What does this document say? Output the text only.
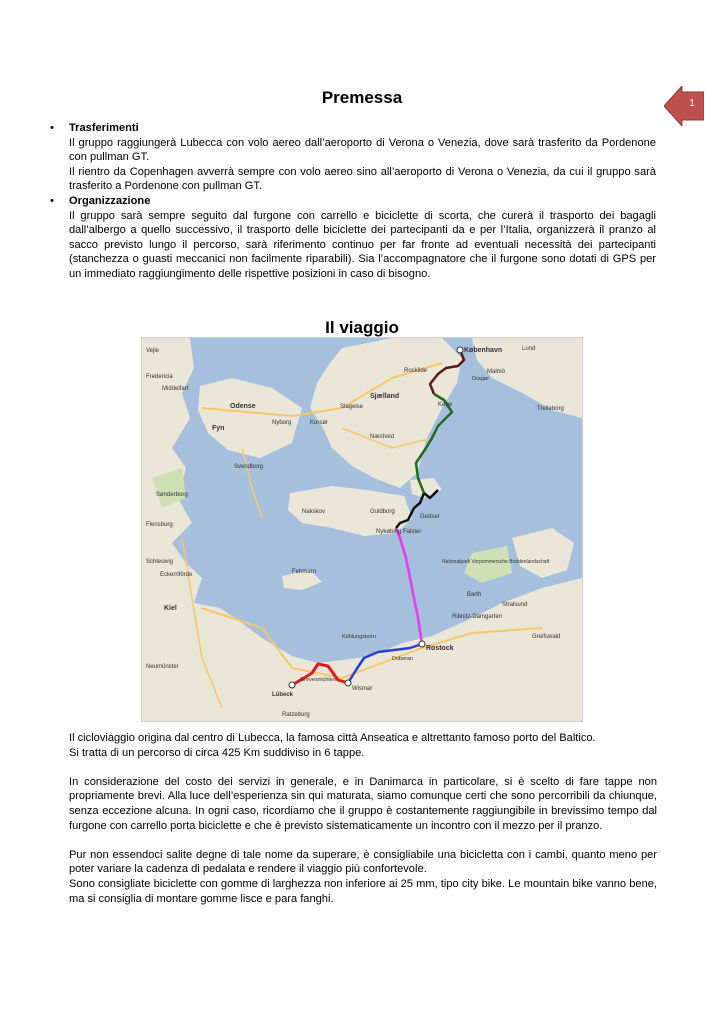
1
Premessa
• Trasferimenti

Il gruppo raggiungerà Lubecca con volo aereo dall’aeroporto di Verona o Venezia, dove sarà trasferito da Pordenone con pullman GT.

Il rientro da Copenhagen avverrà sempre con volo aereo sino all’aeroporto di Verona o Venezia, da cui il gruppo sarà trasferito a Pordenone con pullman GT.

• Organizzazione

Il gruppo sarà sempre seguito dal furgone con carrello e biciclette di scorta, che curerà il trasporto dei bagagli dall’albergo a quello successivo, il trasporto delle biciclette dei partecipanti da e per l’Italia, organizzerà il pranzo al sacco previsto lungo il percorso, sarà riferimento continuo per far fronte ad eventuali necessità dei partecipanti (stanchezza o guasti meccanici non facilmente riparabili). Sia l’accompagnatore che il furgone sono dotati di GPS per un immediato raggiungimento delle rispettive posizioni in caso di bisogno.

Il viaggio
København	Lund
Malmö
Dragør
Trelleborg
Odense
Nyborg	Korsør
Slagelse
Sjælland
Roskilde
Køge
Næstved
Svendborg
Nakskov	Guldborg
Nykøbing Falster
Gedser
Fehmarn
Kiel
Flensburg
Eckernförde
Schleswig
Sønderborg
Vejle
Fredericia
Middelfart
Fyn
Rostock
Wismar
Lübeck
Grevesmühlen
Ratzeburg
Ribnitz-Damgarten
Stralsund
Greifswald
Barth
Neumünster
Doberan
Kühlungsborn
Nationalpark Vorpommersche Boddenlandschaft

Il cicloviaggio origina dal centro di Lubecca, la famosa città Anseatica e altrettanto famoso porto del Baltico.
Si tratta di un percorso di circa 425 Km suddiviso in 6 tappe.

In considerazione del costo dei servizi in generale, e in Danimarca in particolare, si è scelto di fare tappe non propriamente brevi. Alla luce dell’esperienza sin qui maturata, siamo comunque certi che sono percorribili da chiunque, senza eccezione alcuna. In ogni caso, ricordiamo che il gruppo è costantemente raggiungibile in brevissimo tempo dal furgone con carrello porta biciclette e che è previsto sistematicamente un incontro con il mezzo per il pranzo.

Pur non essendoci salite degne di tale nome da superare, è consigliabile una bicicletta con i cambi, quanto meno per poter variare la cadenza di pedalata e rendere il viaggio più confortevole.
Sono consigliate biciclette con gomme di larghezza non inferiore ai 25 mm, tipo city bike. Le mountain bike vanno bene, ma si consiglia di montare gomme lisce e para fanghi.
